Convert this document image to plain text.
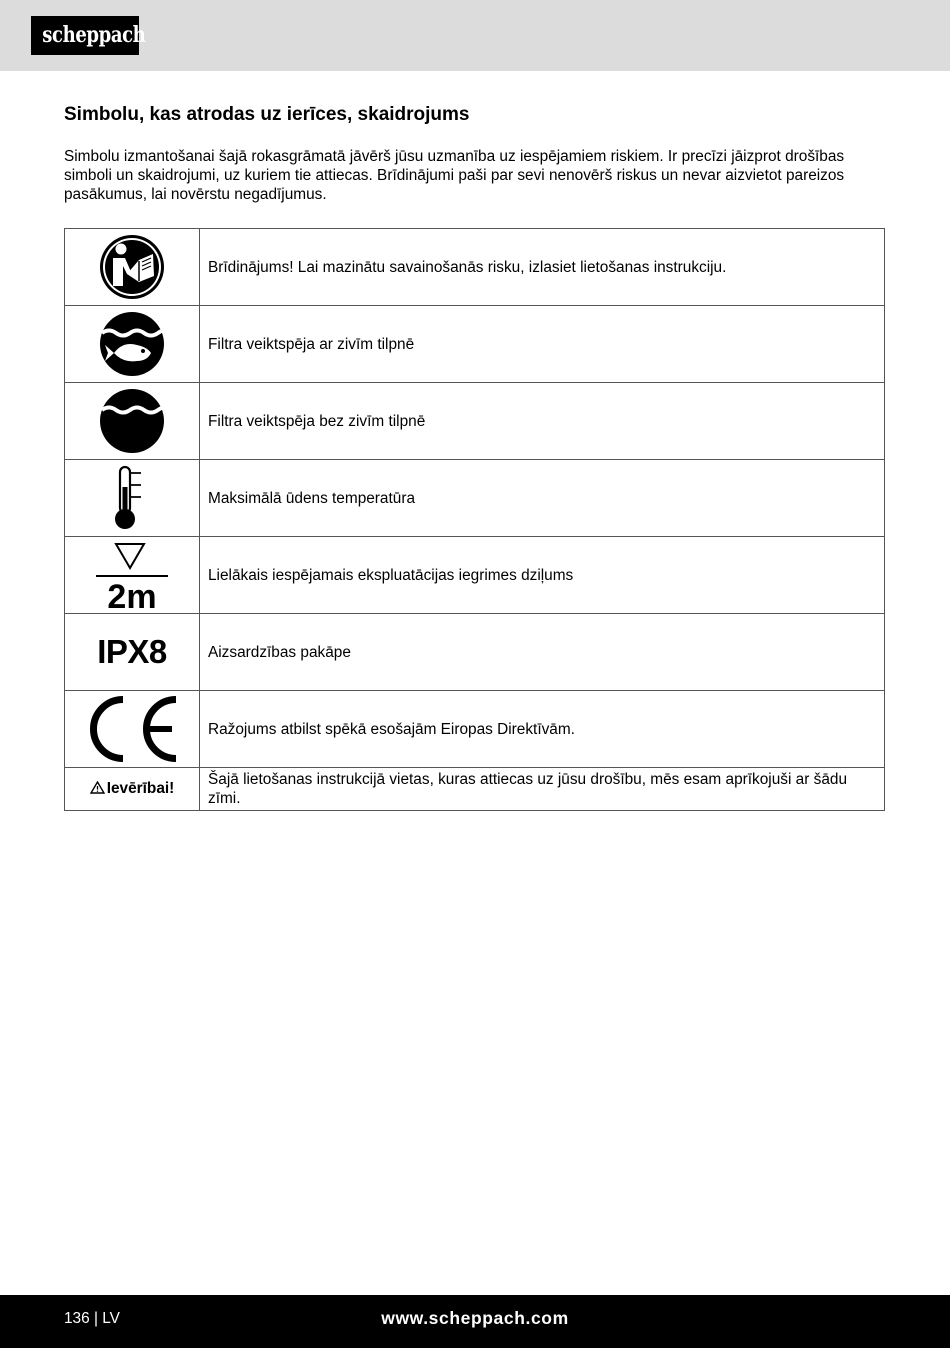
scheppach
Simbolu, kas atrodas uz ierīces, skaidrojums

Simbolu izmantošanai šajā rokasgrāmatā jāvērš jūsu uzmanība uz iespējamiem riskiem. Ir precīzi jāizprot drošības simboli un skaidrojumi, uz kuriem tie attiecas. Brīdinājumi paši par sevi nenovērš riskus un nevar aizvietot pareizos pasākumus, lai novērstu negadījumus.

	Brīdinājums! Lai mazinātu savainošanās risku, izlasiet lietošanas instrukciju.

	Filtra veiktspēja ar zivīm tilpnē

	Filtra veiktspēja bez zivīm tilpnē

	Maksimālā ūdens temperatūra

2m	Lielākais iespējamais ekspluatācijas iegrimes dziļums
IPX8	Aizsardzības pakāpe

	Ražojums atbilst spēkā esošajām Eiropas Direktīvām.
Ievērībai!	Šajā lietošanas instrukcijā vietas, kuras attiecas uz jūsu drošību, mēs esam aprīkojuši ar šādu zīmi.
136 | LV	www.scheppach.com
